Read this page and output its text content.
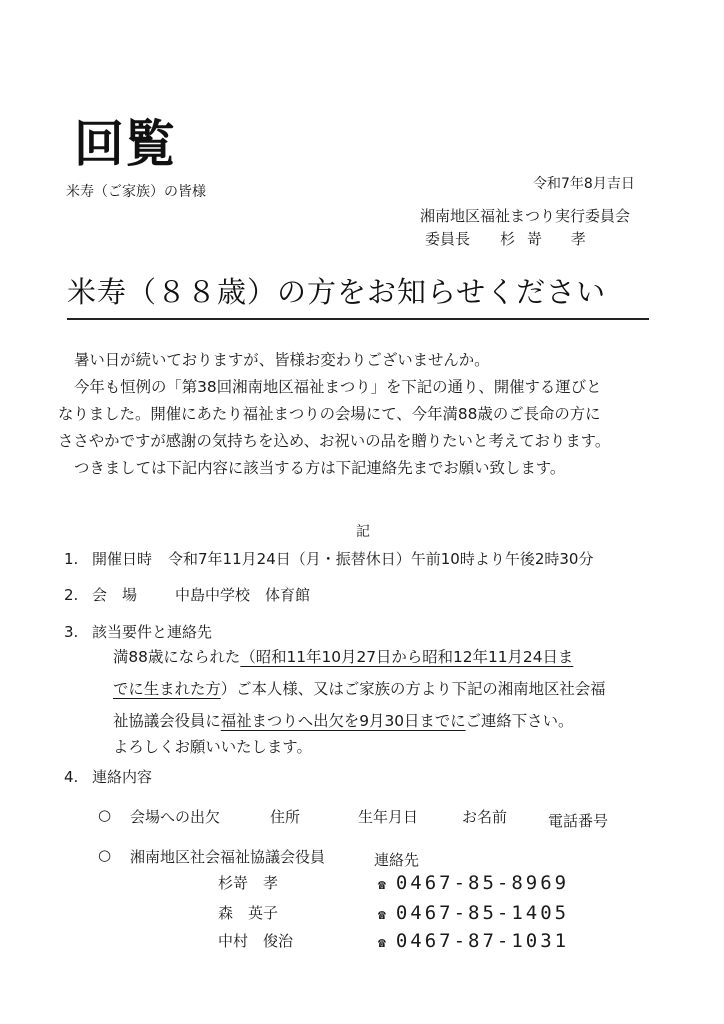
回覧
米寿（ご家族）の皆様	令和7年8月吉日
湘南地区福祉まつり実行委員会
委員長 杉嵜 孝
米寿（８８歳）の方をお知らせください
暑い日が続いておりますが、皆様お変わりございませんか。
今年も恒例の「第38回湘南地区福祉まつり」を下記の通り、開催する運びと
なりました。開催にあたり福祉まつりの会場にて、今年満88歳のご長命の方に
ささやかですが感謝の気持ちを込め、お祝いの品を贈りたいと考えております。
つきましては下記内容に該当する方は下記連絡先までお願い致します。
記
1. 開催日時 令和7年11月24日（月・振替休日）午前10時より午後2時30分
2. 会　場	中島中学校　体育館
3. 該当要件と連絡先
満88歳になられた（昭和11年10月27日から昭和12年11月24日ま
でに生まれた方）ご本人様、又はご家族の方より下記の湘南地区社会福
祉協議会役員に福祉まつりへ出欠を9月30日までにご連絡下さい。
よろしくお願いいたします。
4. 連絡内容
○ 会場への出欠	住所	生年月日	お名前	電話番号
○ 湘南地区社会福祉協議会役員	連絡先
杉嵜　孝	☎ 0467-85-8969
森　英子	☎ 0467-85-1405
中村　俊治	☎ 0467-87-1031
